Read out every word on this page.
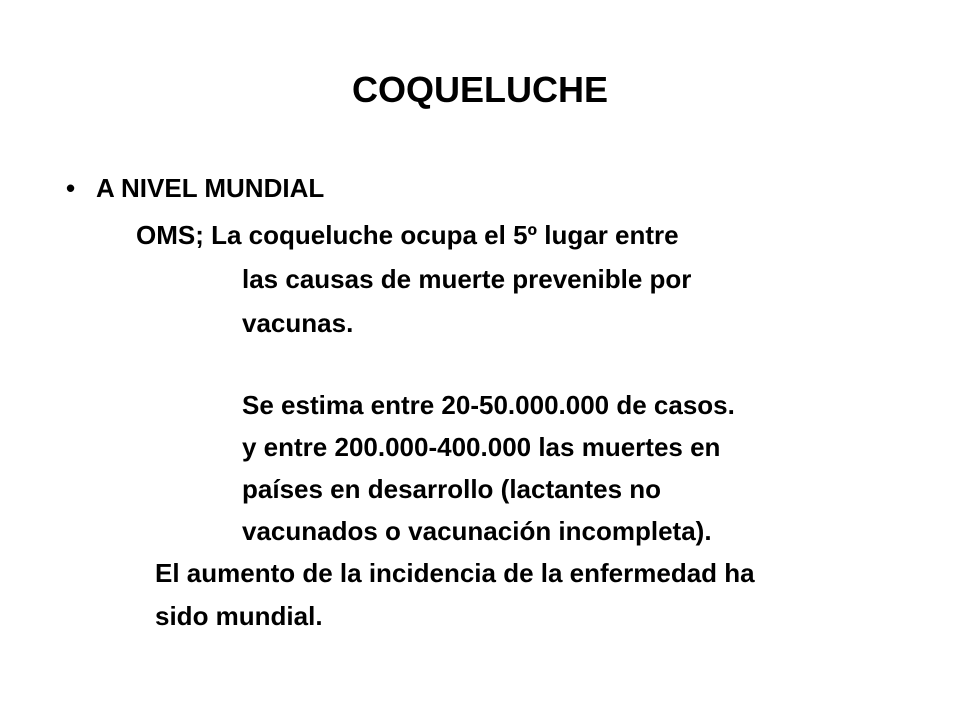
COQUELUCHE
• A NIVEL MUNDIAL

OMS; La coqueluche ocupa el 5º lugar entre

las causas de muerte prevenible por

vacunas.

Se estima entre 20-50.000.000 de casos.

y entre 200.000-400.000 las muertes en

países en desarrollo (lactantes no

vacunados o vacunación incompleta).

El aumento de la incidencia de la enfermedad ha

sido mundial.
